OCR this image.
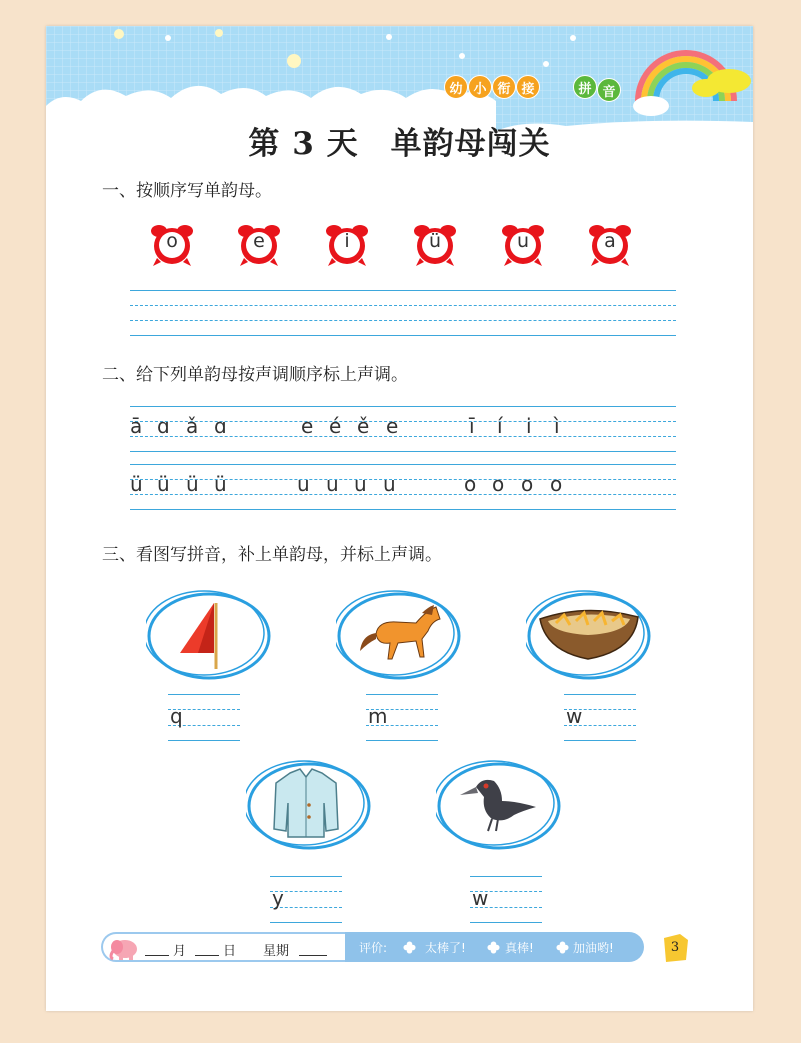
幼 小 衔 接	拼 音
第 3 天　单韵母闯关
一、按顺序写单韵母。
o	e	i	ü	u	a
二、给下列单韵母按声调顺序标上声调。
ā ɑ ǎ ɑ	e é ě e	ī í i ì
ü ü ü ü	u u u u	o o o o
三、看图写拼音，补上单韵母，并标上声调。
q	m	w
y	w
月	日 星期	评价:	太棒了!	真棒!	加油哟!	3
